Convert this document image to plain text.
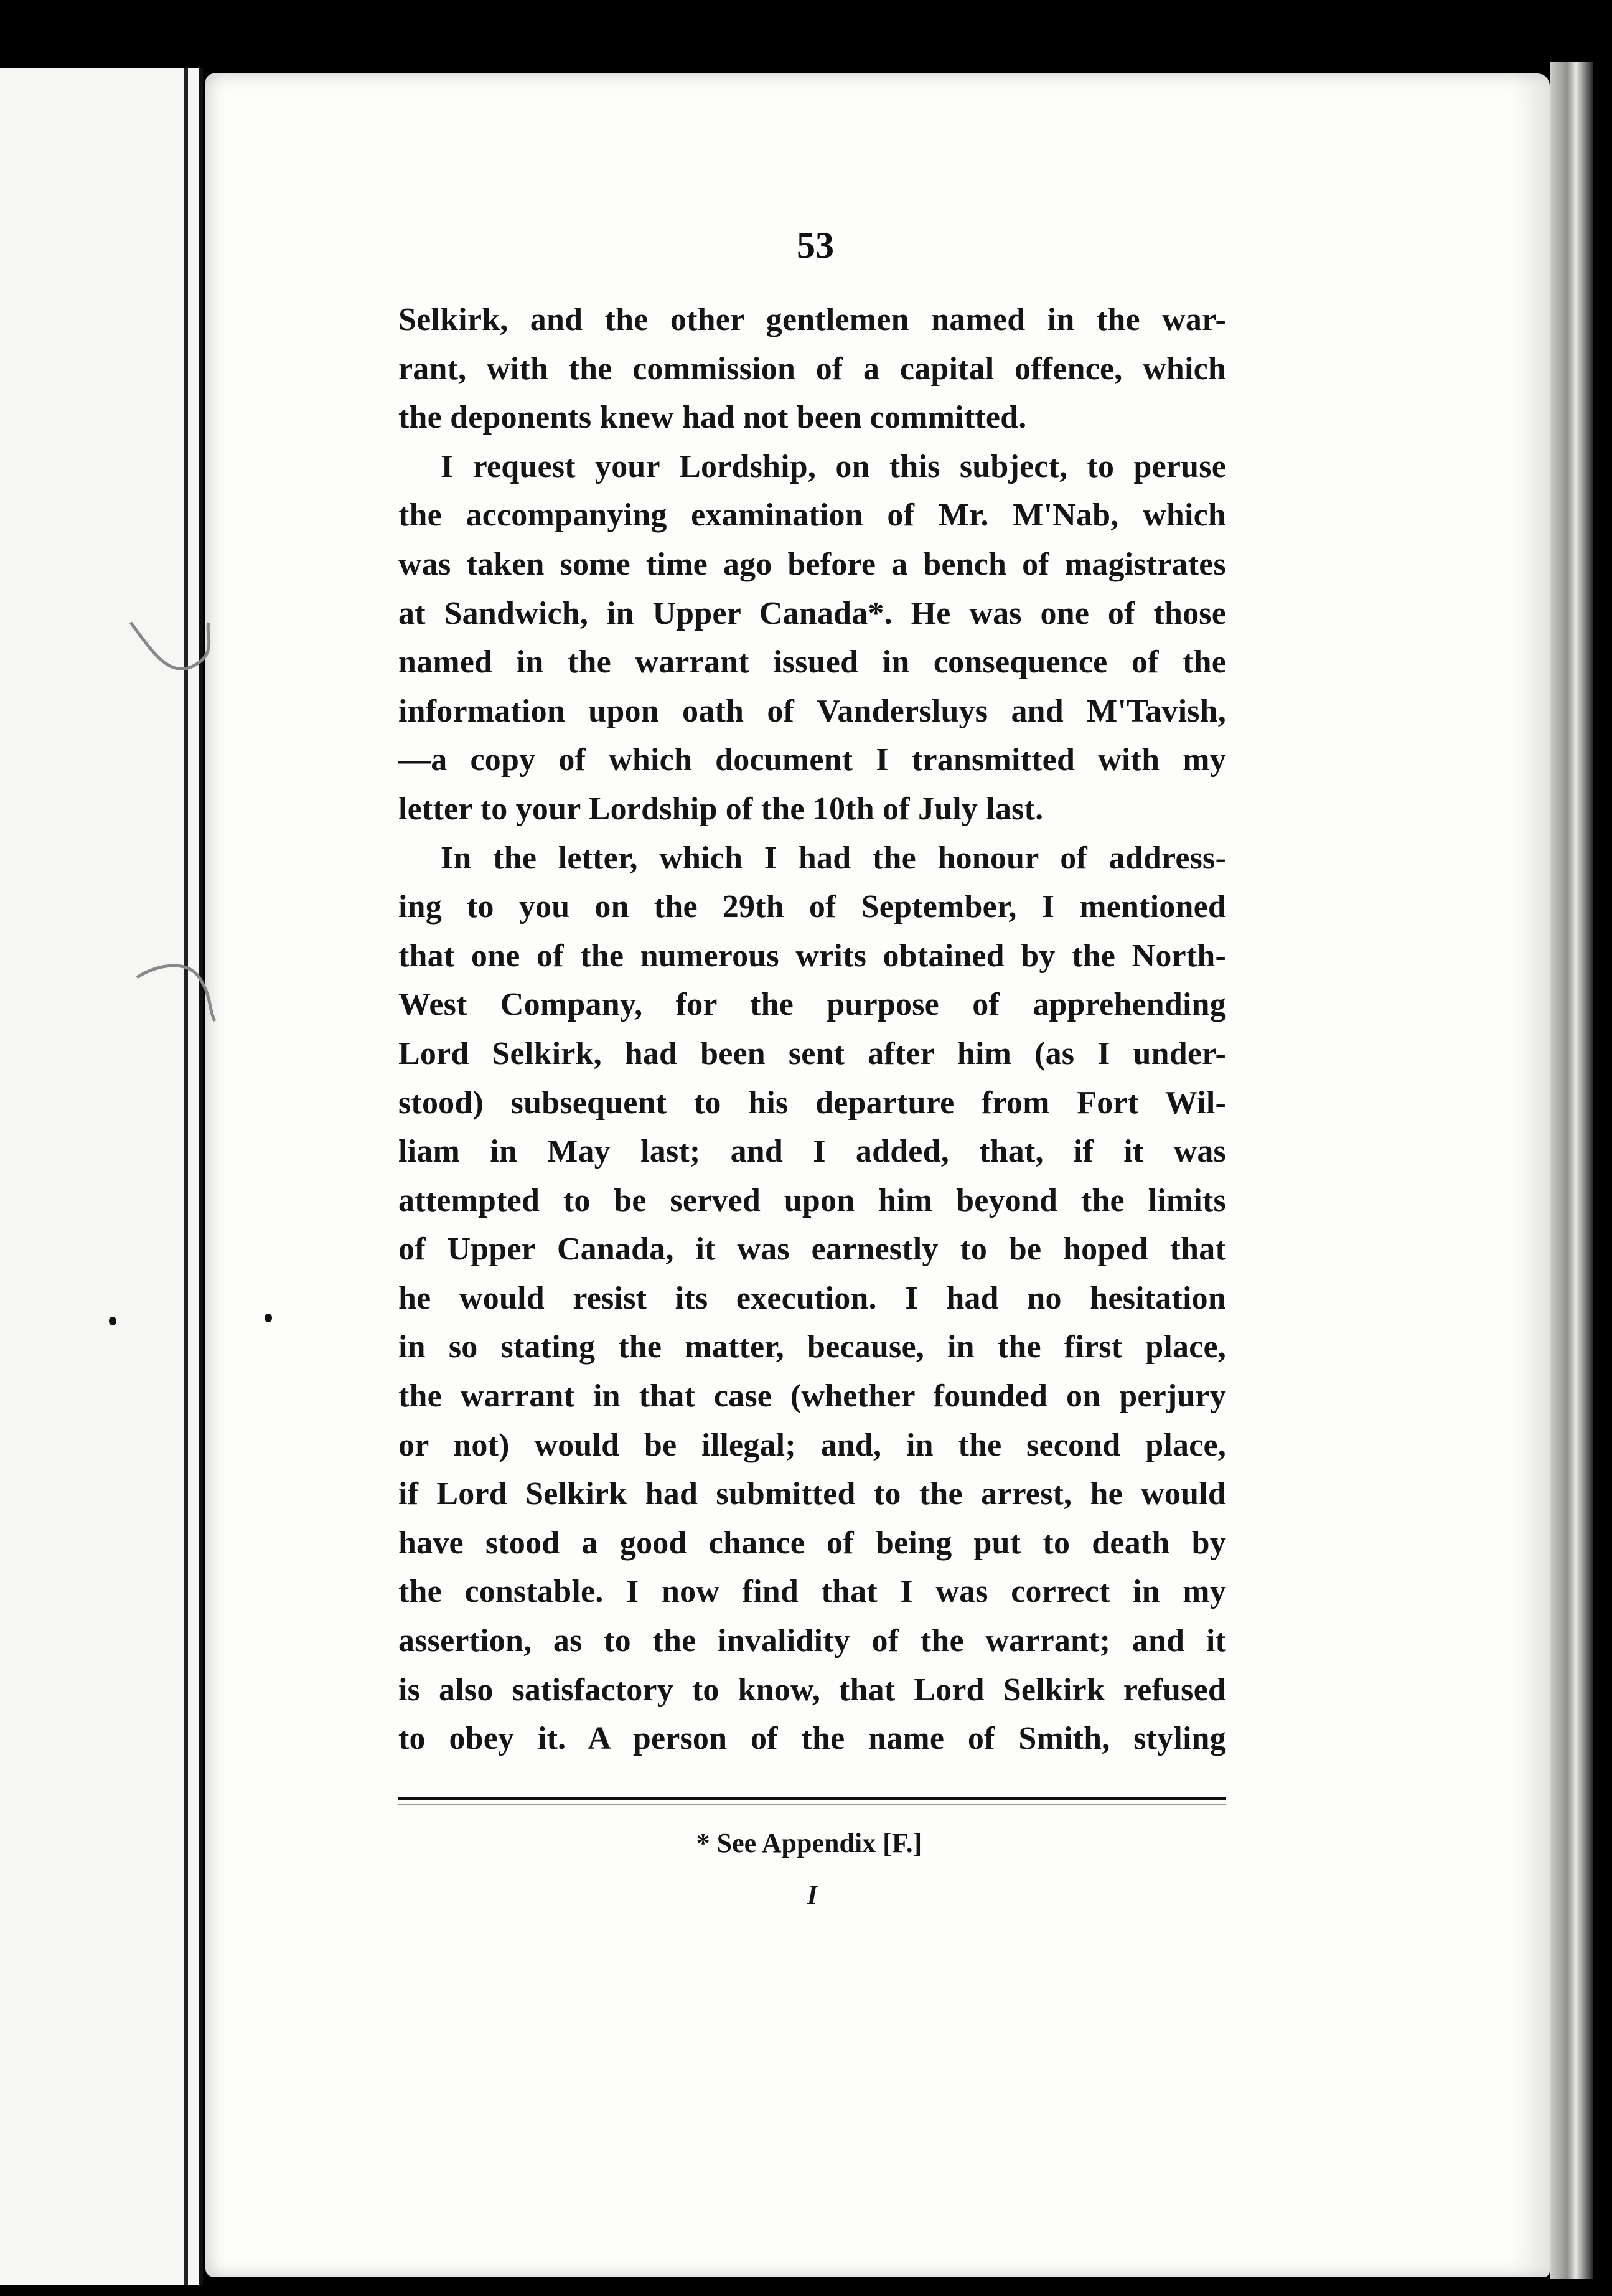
53
Selkirk, and the other gentlemen named in the war-
rant, with the commission of a capital offence, which
the deponents knew had not been committed.
I request your Lordship, on this subject, to peruse
the accompanying examination of Mr. M'Nab, which
was taken some time ago before a bench of magistrates
at Sandwich, in Upper Canada*. He was one of those
named in the warrant issued in consequence of the
information upon oath of Vandersluys and M'Tavish,
—a copy of which document I transmitted with my
letter to your Lordship of the 10th of July last.
In the letter, which I had the honour of address-
ing to you on the 29th of September, I mentioned
that one of the numerous writs obtained by the North-
West Company, for the purpose of apprehending
Lord Selkirk, had been sent after him (as I under-
stood) subsequent to his departure from Fort Wil-
liam in May last; and I added, that, if it was
attempted to be served upon him beyond the limits
of Upper Canada, it was earnestly to be hoped that
he would resist its execution. I had no hesitation
in so stating the matter, because, in the first place,
the warrant in that case (whether founded on perjury
or not) would be illegal; and, in the second place,
if Lord Selkirk had submitted to the arrest, he would
have stood a good chance of being put to death by
the constable. I now find that I was correct in my
assertion, as to the invalidity of the warrant; and it
is also satisfactory to know, that Lord Selkirk refused
to obey it. A person of the name of Smith, styling
* See Appendix [F.]
I
